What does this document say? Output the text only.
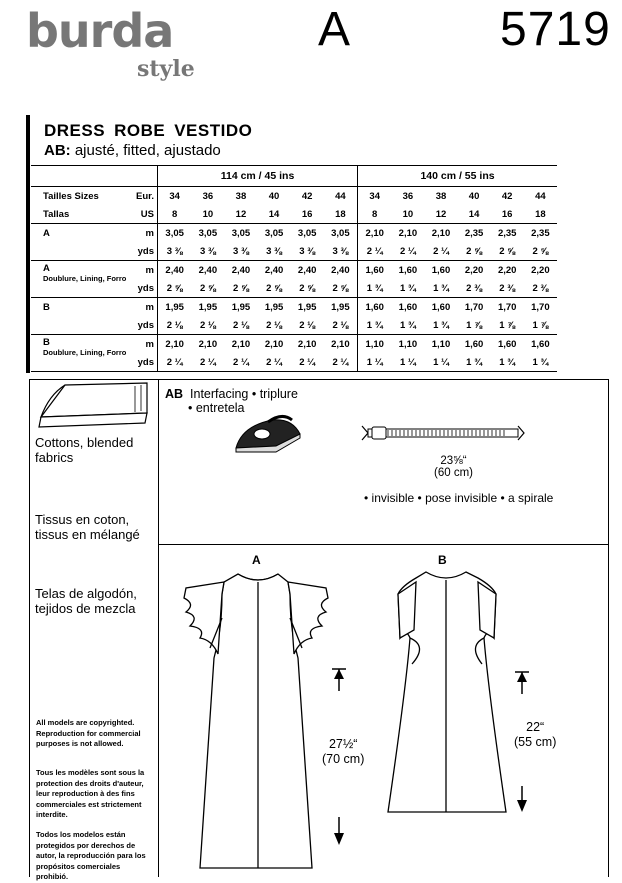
burda
style
A	5719
DRESS ROBE VESTIDO
AB: ajusté, fitted, ajustado
		114 cm / 45 ins						140 cm / 55 ins					
Tailles Sizes	Eur.	34	36	38	40	42	44	34	36	38	40	42	44
Tallas	US	8	10	12	14	16	18	8	10	12	14	16	18
A	m	3,05	3,05	3,05	3,05	3,05	3,05	2,10	2,10	2,10	2,35	2,35	2,35
	yds	3 ⅜	3 ⅜	3 ⅜	3 ⅜	3 ⅜	3 ⅜	2 ¼	2 ¼	2 ¼	2 ⅝	2 ⅝	2 ⅝
A
Doublure, Lining, Forro	m	2,40	2,40	2,40	2,40	2,40	2,40	1,60	1,60	1,60	2,20	2,20	2,20
	yds	2 ⅝	2 ⅝	2 ⅝	2 ⅝	2 ⅝	2 ⅝	1 ¾	1 ¾	1 ¾	2 ⅜	2 ⅜	2 ⅜
B	m	1,95	1,95	1,95	1,95	1,95	1,95	1,60	1,60	1,60	1,70	1,70	1,70
	yds	2 ⅛	2 ⅛	2 ⅛	2 ⅛	2 ⅛	2 ⅛	1 ¾	1 ¾	1 ¾	1 ⅞	1 ⅞	1 ⅞
B
Doublure, Lining, Forro	m	2,10	2,10	2,10	2,10	2,10	2,10	1,10	1,10	1,10	1,60	1,60	1,60
	yds	2 ¼	2 ¼	2 ¼	2 ¼	2 ¼	2 ¼	1 ¼	1 ¼	1 ¼	1 ¾	1 ¾	1 ¾
Cottons, blended fabrics
Tissus en coton, tissus en mélangé
Telas de algodón, tejidos de mezcla
All models are copyrighted. Reproduction for commercial purposes is not allowed.
Tous les modèles sont sous la protection des droits d'auteur, leur reproduction à des fins commerciales est strictement interdite.
Todos los modelos están protegidos por derechos de autor, la reproducción para los propósitos comerciales prohibió.
AB Interfacing • triplure
• entretela
23⅝“
(60 cm)
• invisible • pose invisible • a spirale
A	B
27½“
(70 cm)
22“
(55 cm)
